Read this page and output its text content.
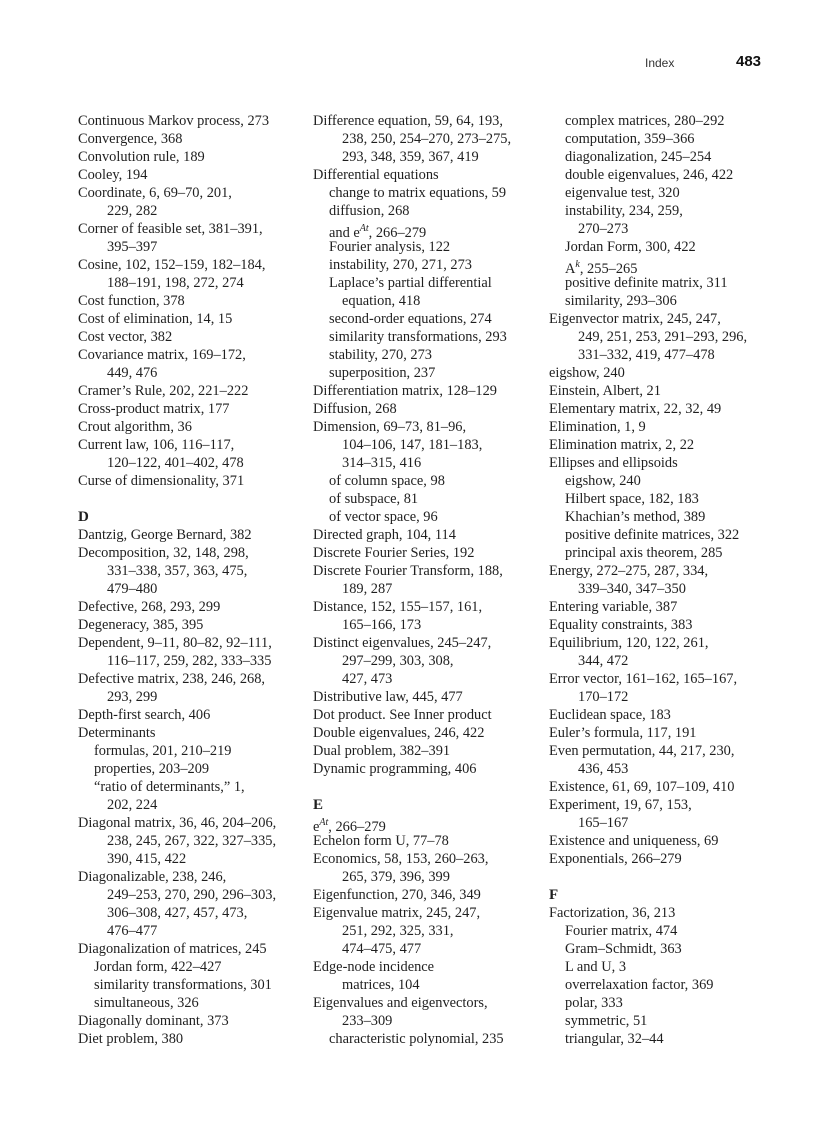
Index	483
Continuous Markov process, 273
Convergence, 368
Convolution rule, 189
Cooley, 194
Coordinate, 6, 69–70, 201,
229, 282
Corner of feasible set, 381–391,
395–397
Cosine, 102, 152–159, 182–184,
188–191, 198, 272, 274
Cost function, 378
Cost of elimination, 14, 15
Cost vector, 382
Covariance matrix, 169–172,
449, 476
Cramer’s Rule, 202, 221–222
Cross-product matrix, 177
Crout algorithm, 36
Current law, 106, 116–117,
120–122, 401–402, 478
Curse of dimensionality, 371
D
Dantzig, George Bernard, 382
Decomposition, 32, 148, 298,
331–338, 357, 363, 475,
479–480
Defective, 268, 293, 299
Degeneracy, 385, 395
Dependent, 9–11, 80–82, 92–111,
116–117, 259, 282, 333–335
Defective matrix, 238, 246, 268,
293, 299
Depth-first search, 406
Determinants
formulas, 201, 210–219
properties, 203–209
“ratio of determinants,” 1,
202, 224
Diagonal matrix, 36, 46, 204–206,
238, 245, 267, 322, 327–335,
390, 415, 422
Diagonalizable, 238, 246,
249–253, 270, 290, 296–303,
306–308, 427, 457, 473,
476–477
Diagonalization of matrices, 245
Jordan form, 422–427
similarity transformations, 301
simultaneous, 326
Diagonally dominant, 373
Diet problem, 380
Difference equation, 59, 64, 193,
238, 250, 254–270, 273–275,
293, 348, 359, 367, 419
Differential equations
change to matrix equations, 59
diffusion, 268
and $e^{At}$, 266–279
Fourier analysis, 122
instability, 270, 271, 273
Laplace’s partial differential
equation, 418
second-order equations, 274
similarity transformations, 293
stability, 270, 273
superposition, 237
Differentiation matrix, 128–129
Diffusion, 268
Dimension, 69–73, 81–96,
104–106, 147, 181–183,
314–315, 416
of column space, 98
of subspace, 81
of vector space, 96
Directed graph, 104, 114
Discrete Fourier Series, 192
Discrete Fourier Transform, 188,
189, 287
Distance, 152, 155–157, 161,
165–166, 173
Distinct eigenvalues, 245–247,
297–299, 303, 308,
427, 473
Distributive law, 445, 477
Dot product. See Inner product
Double eigenvalues, 246, 422
Dual problem, 382–391
Dynamic programming, 406
E
$e^{At}$, 266–279
Echelon form U, 77–78
Economics, 58, 153, 260–263,
265, 379, 396, 399
Eigenfunction, 270, 346, 349
Eigenvalue matrix, 245, 247,
251, 292, 325, 331,
474–475, 477
Edge-node incidence
matrices, 104
Eigenvalues and eigenvectors,
233–309
characteristic polynomial, 235
complex matrices, 280–292
computation, 359–366
diagonalization, 245–254
double eigenvalues, 246, 422
eigenvalue test, 320
instability, 234, 259,
270–273
Jordan Form, 300, 422
$A^k$, 255–265
positive definite matrix, 311
similarity, 293–306
Eigenvector matrix, 245, 247,
249, 251, 253, 291–293, 296,
331–332, 419, 477–478
eigshow, 240
Einstein, Albert, 21
Elementary matrix, 22, 32, 49
Elimination, 1, 9
Elimination matrix, 2, 22
Ellipses and ellipsoids
eigshow, 240
Hilbert space, 182, 183
Khachian’s method, 389
positive definite matrices, 322
principal axis theorem, 285
Energy, 272–275, 287, 334,
339–340, 347–350
Entering variable, 387
Equality constraints, 383
Equilibrium, 120, 122, 261,
344, 472
Error vector, 161–162, 165–167,
170–172
Euclidean space, 183
Euler’s formula, 117, 191
Even permutation, 44, 217, 230,
436, 453
Existence, 61, 69, 107–109, 410
Experiment, 19, 67, 153,
165–167
Existence and uniqueness, 69
Exponentials, 266–279
F
Factorization, 36, 213
Fourier matrix, 474
Gram–Schmidt, 363
L and U, 3
overrelaxation factor, 369
polar, 333
symmetric, 51
triangular, 32–44
